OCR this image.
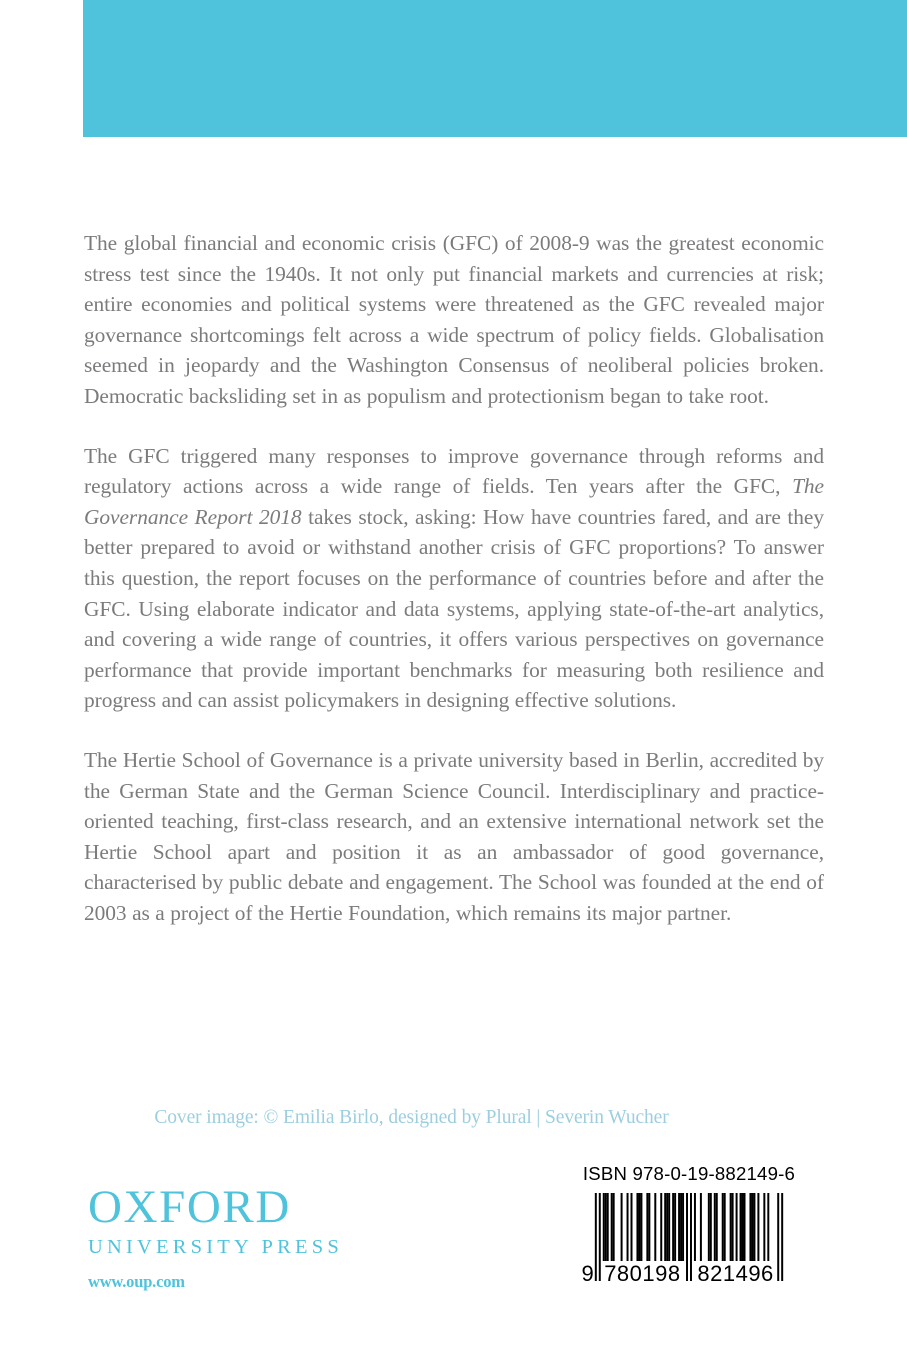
The global financial and economic crisis (GFC) of 2008-9 was the greatest economic stress test since the 1940s. It not only put financial markets and currencies at risk; entire economies and political systems were threatened as the GFC revealed major governance shortcomings felt across a wide spectrum of policy fields. Globalisation seemed in jeopardy and the Washington Consensus of neoliberal policies broken. Democratic backsliding set in as populism and protectionism began to take root.

The GFC triggered many responses to improve governance through reforms and regulatory actions across a wide range of fields. Ten years after the GFC, The Governance Report 2018 takes stock, asking: How have countries fared, and are they better prepared to avoid or withstand another crisis of GFC proportions? To answer this question, the report focuses on the performance of countries before and after the GFC. Using elaborate indicator and data systems, applying state-of-the-art analytics, and covering a wide range of countries, it offers various perspectives on governance performance that provide important benchmarks for measuring both resilience and progress and can assist policymakers in designing effective solutions.

The Hertie School of Governance is a private university based in Berlin, accredited by the German State and the German Science Council. Interdisciplinary and practice-oriented teaching, first-class research, and an extensive international network set the Hertie School apart and position it as an ambassador of good governance, characterised by public debate and engagement. The School was founded at the end of 2003 as a project of the Hertie Foundation, which remains its major partner.

Cover image: © Emilia Birlo, designed by Plural | Severin Wucher
OXFORD
UNIVERSITY PRESS
www.oup.com
ISBN 978-0-19-882149-6
9 780198 821496
